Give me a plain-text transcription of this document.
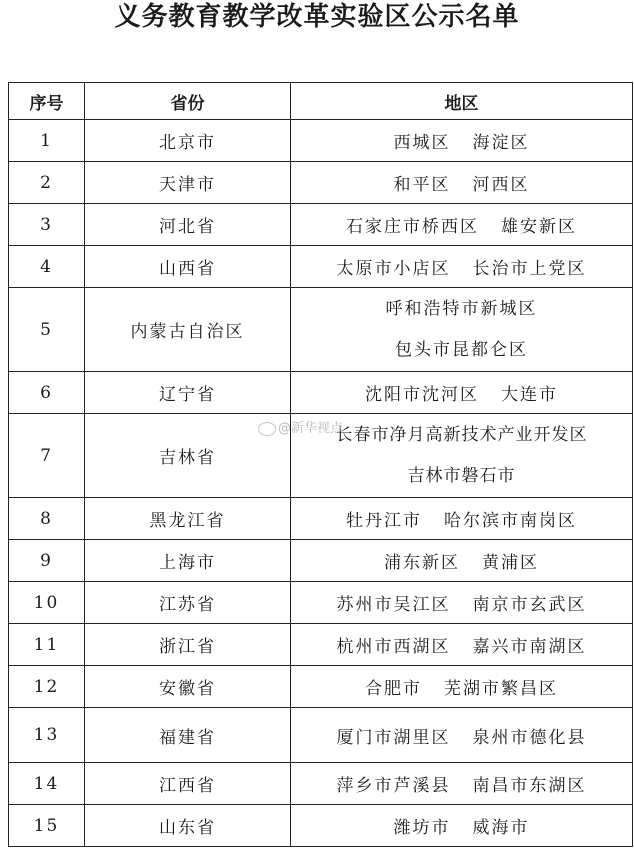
义务教育教学改革实验区公示名单
序号	省份	地区
1	北京市	西城区 海淀区
2	天津市	和平区 河西区
3	河北省	石家庄市桥西区 雄安新区
4	山西省	太原市小店区 长治市上党区
5	内蒙古自治区	呼和浩特市新城区
包头市昆都仑区

6	辽宁省	沈阳市沈河区 大连市
7	吉林省	长春市净月高新技术产业开发区
吉林市磐石市

8	黑龙江省	牡丹江市 哈尔滨市南岗区
9	上海市	浦东新区 黄浦区
10	江苏省	苏州市吴江区 南京市玄武区
11	浙江省	杭州市西湖区 嘉兴市南湖区
12	安徽省	合肥市 芜湖市繁昌区
13	福建省	厦门市湖里区 泉州市德化县
14	江西省	萍乡市芦溪县 南昌市东湖区
15	山东省	潍坊市 威海市
@新华视点
